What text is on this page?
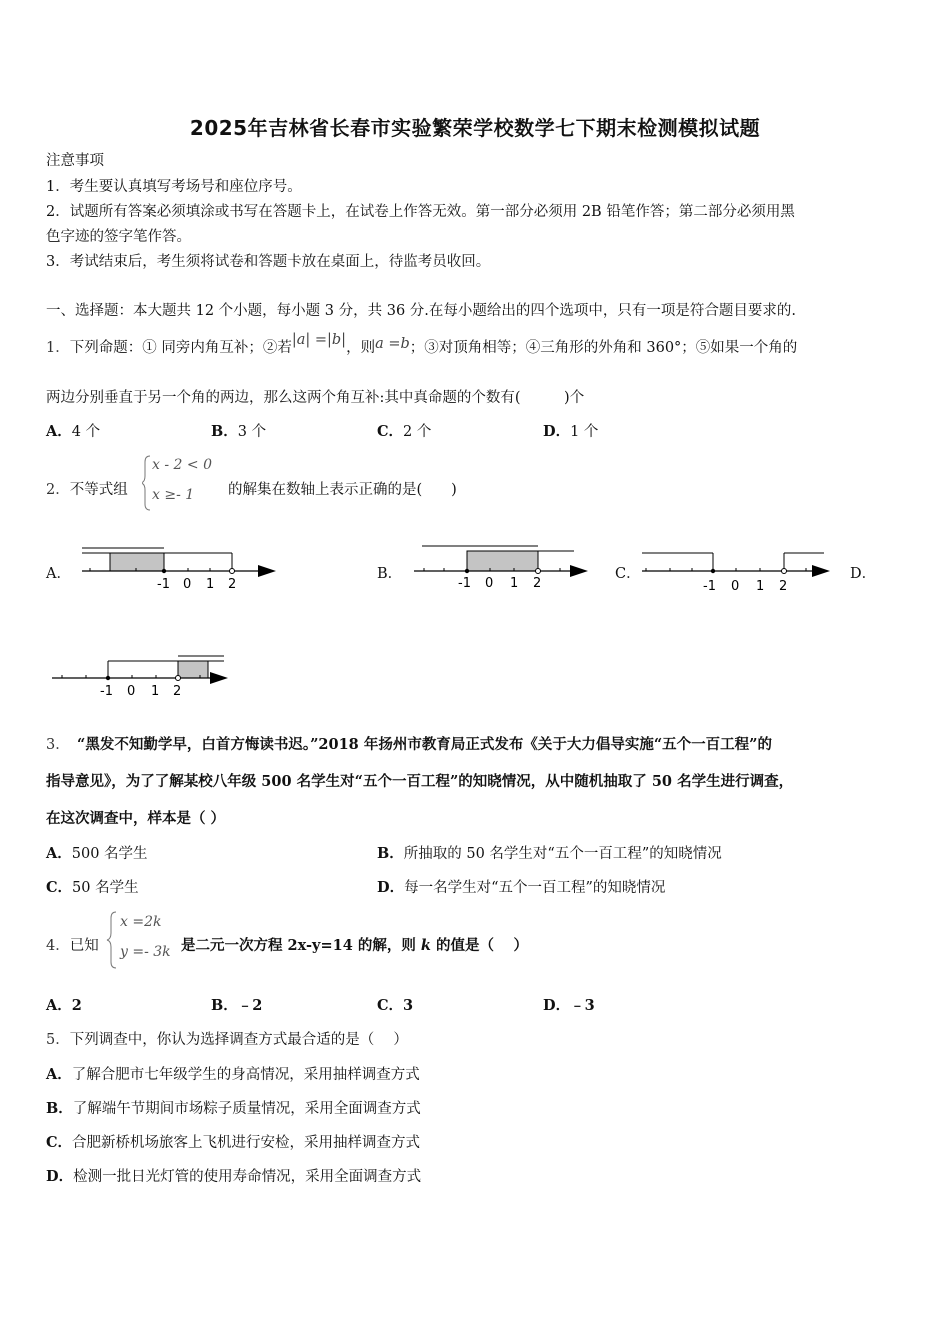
2025年吉林省长春市实验繁荣学校数学七下期末检测模拟试题
注意事项
1．考生要认真填写考场号和座位序号。
2．试题所有答案必须填涂或书写在答题卡上，在试卷上作答无效。第一部分必须用 2B 铅笔作答；第二部分必须用黑
色字迹的签字笔作答。
3．考试结束后，考生须将试卷和答题卡放在桌面上，待监考员收回。
一、选择题：本大题共 12 个小题，每小题 3 分，共 36 分.在每小题给出的四个选项中，只有一项是符合题目要求的.
1．下列命题：① 同旁内角互补；②若|a| =|b|，则a =b；③对顶角相等；④三角形的外角和 360°；⑤如果一个角的
两边分别垂直于另一个角的两边，那么这两个角互补:其中真命题的个数有(　　　)个
A．4 个	B．3 个	C．2 个	D．1 个
2．不等式组
x - 2 < 0
x ≥- 1 的解集在数轴上表示正确的是(　　)
A．
-1 0 1 2
B．
-1 0 1 2
C．
-1 0 1 2
D．
-1 0 1 2
3．　“黑发不知勤学早，白首方悔读书迟。”2018 年扬州市教育局正式发布《关于大力倡导实施“五个一百工程”的
指导意见》，为了了解某校八年级 500 名学生对“五个一百工程”的知晓情况，从中随机抽取了 50 名学生进行调查，
在这次调查中，样本是（ ）
A．500 名学生	B．所抽取的 50 名学生对“五个一百工程”的知晓情况
C．50 名学生	D．每一名学生对“五个一百工程”的知晓情况
4．已知
x =2k
y =- 3k 是二元一次方程 2x-y=14 的解，则 k 的值是（　 ）
A．2	B．﹣2	C．3	D．﹣3
5．下列调查中，你认为选择调查方式最合适的是（　 ）
A．了解合肥市七年级学生的身高情况，采用抽样调查方式
B．了解端午节期间市场粽子质量情况，采用全面调查方式
C．合肥新桥机场旅客上飞机进行安检，采用抽样调查方式
D．检测一批日光灯管的使用寿命情况，采用全面调查方式
